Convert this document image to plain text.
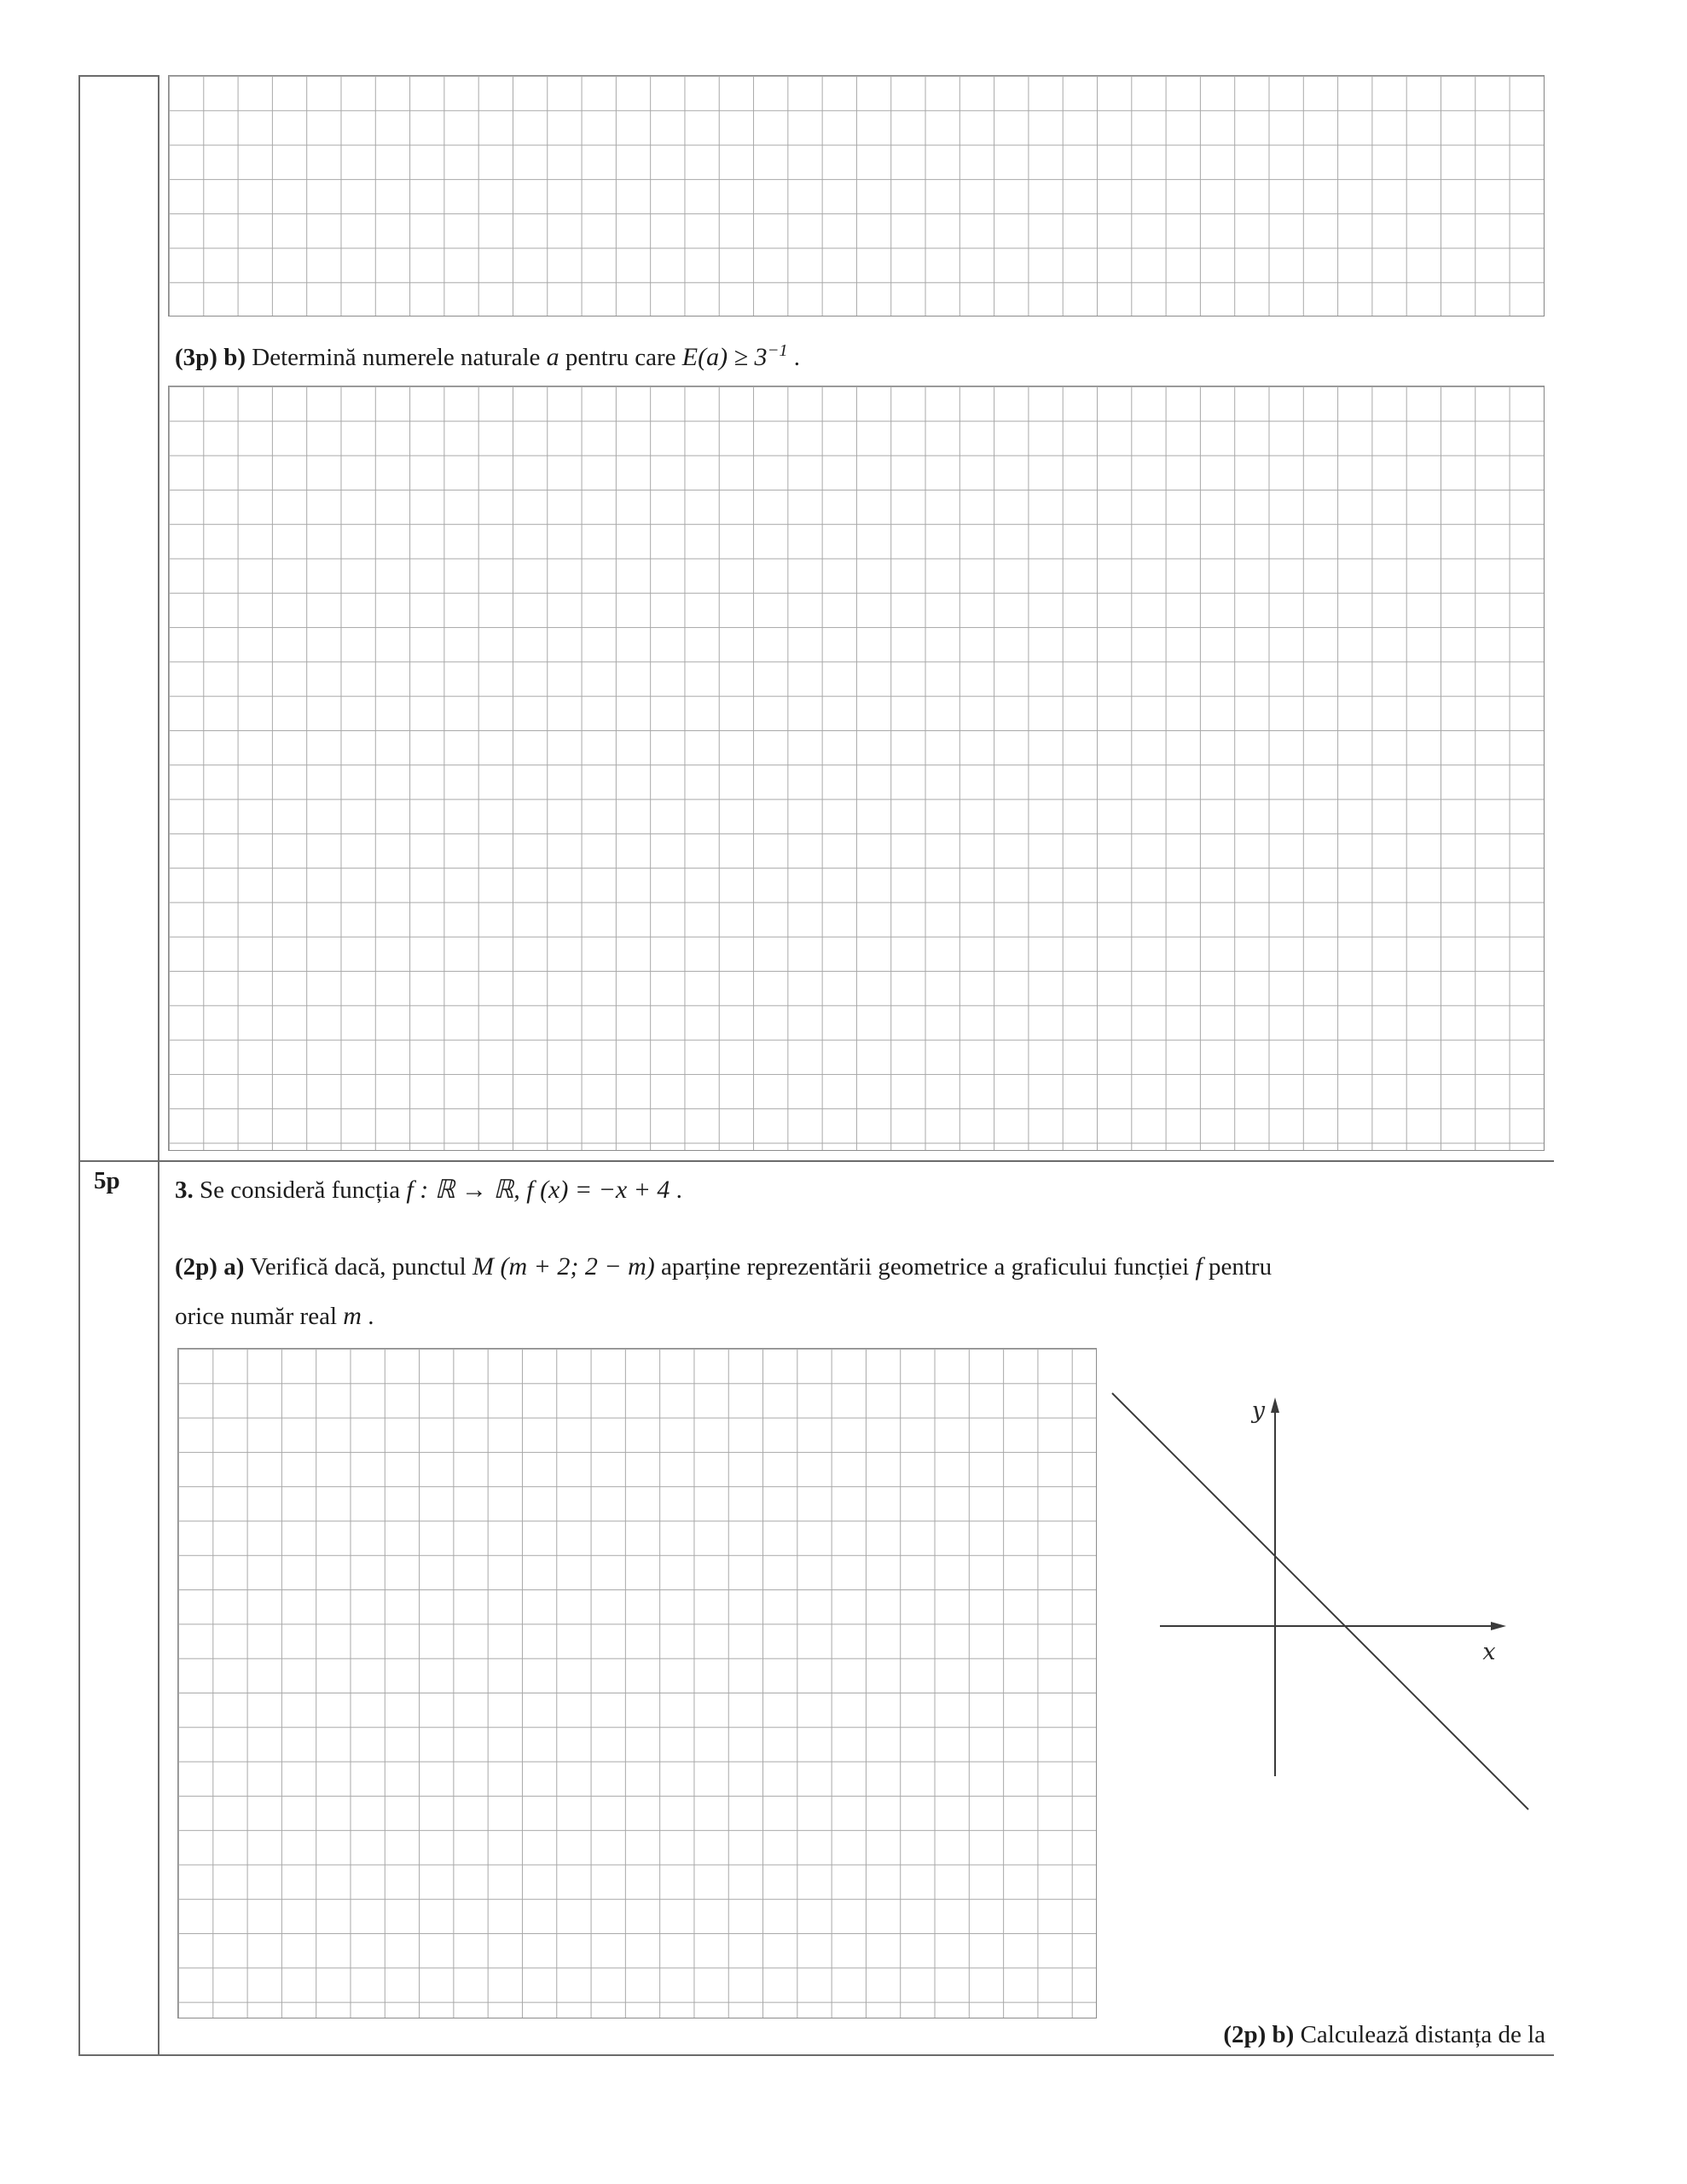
5p
(3p) b) Determină numerele naturale a pentru care $E(a) \ge 3^{-1}$ .
3. Se consideră funcția f : ℝ → ℝ, f (x) = −x + 4 .
(2p) a) Verifică dacă, punctul M (m + 2; 2 − m) aparține reprezentării geometrice a graficului funcției f pentru
orice număr real m .
y
x
(2p) b) Calculează distanța de la
